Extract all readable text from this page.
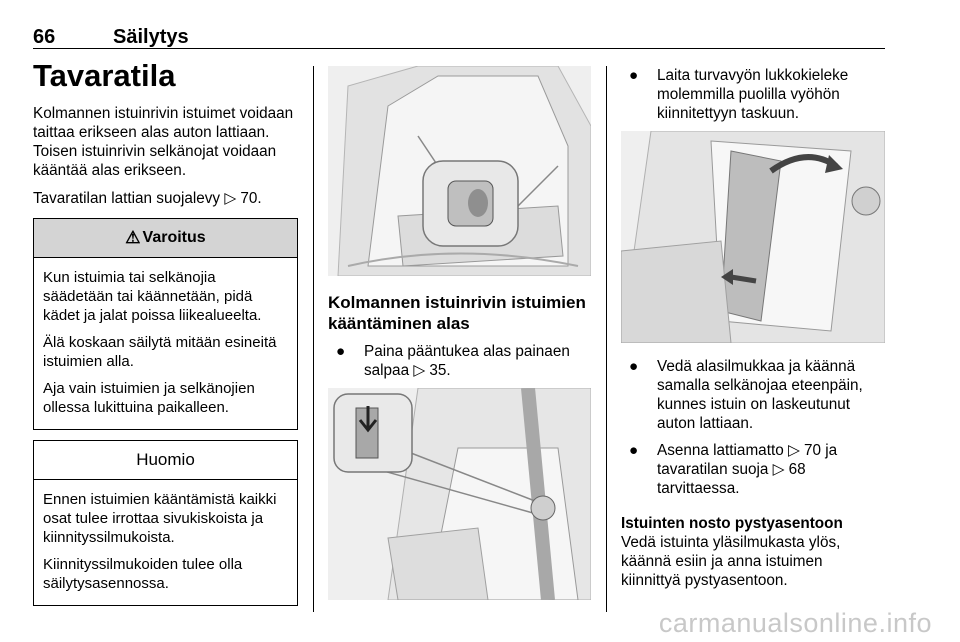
66	Säilytys
Tavaratila
Kolmannen istuinrivin istuimet voidaan taittaa erikseen alas auton lattiaan. Toisen istuinrivin selkänojat voidaan kääntää alas erikseen.
Tavaratilan lattian suojalevy ▷ 70.
⚠ Varoitus
Kun istuimia tai selkänojia säädetään tai käännetään, pidä kädet ja jalat poissa liikealueelta.
Älä koskaan säilytä mitään esineitä istuimien alla.
Aja vain istuimien ja selkänojien ollessa lukittuina paikalleen.
Huomio
Ennen istuimien kääntämistä kaikki osat tulee irrottaa sivukiskoista ja kiinnityssilmukoista.
Kiinnityssilmukoiden tulee olla säilytysasennossa.
Kolmannen istuinrivin istuimien kääntäminen alas
●	Paina pääntukea alas painaen salpaa ▷ 35.
●	Laita turvavyön lukkokieleke molemmilla puolilla vyöhön kiinnitettyyn taskuun.
●	Vedä alasilmukkaa ja käännä samalla selkänojaa eteenpäin, kunnes istuin on laskeutunut auton lattiaan.
●	Asenna lattiamatto ▷ 70 ja tavaratilan suoja ▷ 68 tarvittaessa.
Istuinten nosto pystyasentoon
Vedä istuinta yläsilmukasta ylös, käännä esiin ja anna istuimen kiinnittyä pystyasentoon.
carmanualsonline.info
